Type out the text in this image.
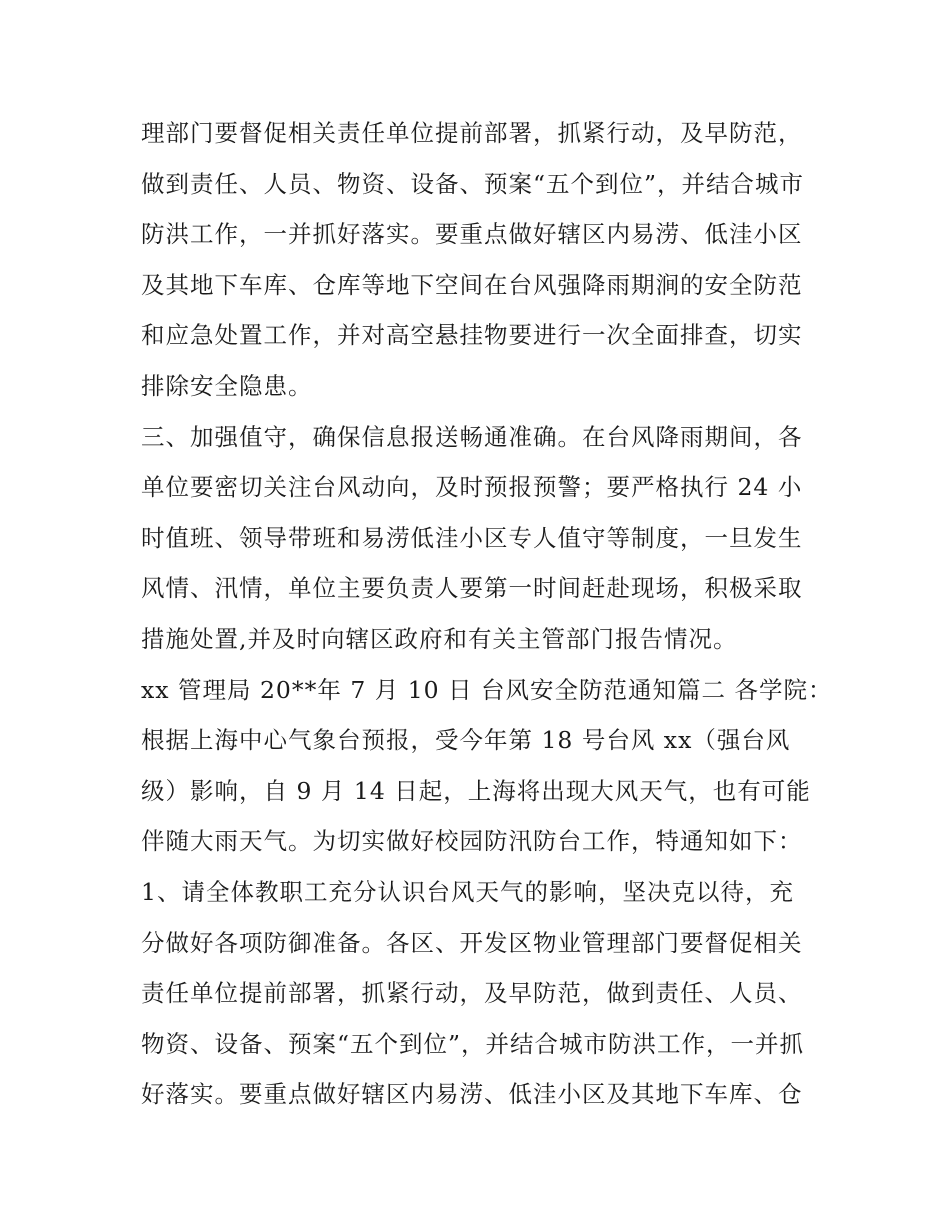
理部门要督促相关责任单位提前部署，抓紧行动，及早防范，
做到责任、人员、物资、设备、预案“五个到位”，并结合城市
防洪工作，一并抓好落实。要重点做好辖区内易涝、低洼小区
及其地下车库、仓库等地下空间在台风强降雨期涧的安全防范
和应急处置工作，并对高空悬挂物要进行一次全面排查，切实
排除安全隐患。
三、加强值守，确保信息报送畅通准确。在台风降雨期间，各
单位要密切关注台风动向，及时预报预警；要严格执行 24 小
时值班、领导带班和易涝低洼小区专人值守等制度，一旦发生
风情、汛情，单位主要负责人要第一时间赶赴现场，积极采取
措施处置,并及时向辖区政府和有关主管部门报告情况。
xx 管理局 20**年 7 月 10 日 台风安全防范通知篇二 各学院：
根据上海中心气象台预报，受今年第 18 号台风 xx（强台风
级）影响，自 9 月 14 日起，上海将出现大风天气，也有可能
伴随大雨天气。为切实做好校园防汛防台工作，特通知如下：
1、请全体教职工充分认识台风天气的影响，坚决克以待，充
分做好各项防御准备。各区、开发区物业管理部门要督促相关
责任单位提前部署，抓紧行动，及早防范，做到责任、人员、
物资、设备、预案“五个到位”，并结合城市防洪工作，一并抓
好落实。要重点做好辖区内易涝、低洼小区及其地下车库、仓
